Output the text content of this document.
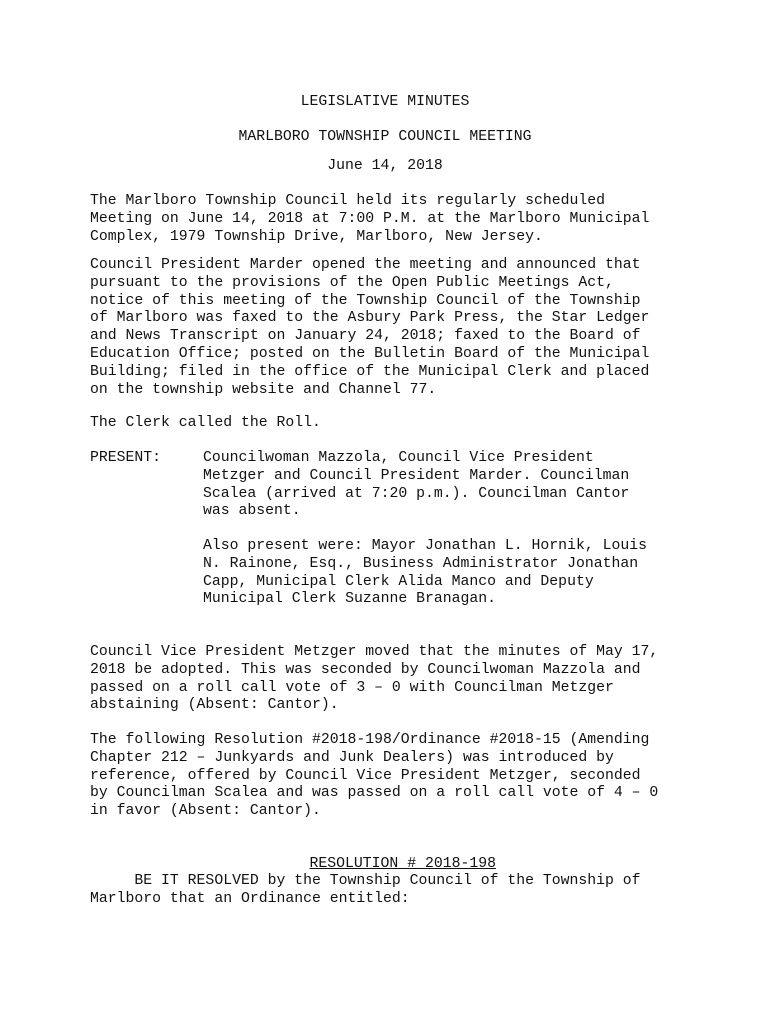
LEGISLATIVE MINUTES
MARLBORO TOWNSHIP COUNCIL MEETING
June 14, 2018
The Marlboro Township Council held its regularly scheduled
Meeting on June 14, 2018 at 7:00 P.M. at the Marlboro Municipal
Complex, 1979 Township Drive, Marlboro, New Jersey.
Council President Marder opened the meeting and announced that
pursuant to the provisions of the Open Public Meetings Act,
notice of this meeting of the Township Council of the Township
of Marlboro was faxed to the Asbury Park Press, the Star Ledger
and News Transcript on January 24, 2018; faxed to the Board of
Education Office; posted on the Bulletin Board of the Municipal
Building; filed in the office of the Municipal Clerk and placed
on the township website and Channel 77.
The Clerk called the Roll.
PRESENT:	Councilwoman Mazzola, Council Vice President
Metzger and Council President Marder. Councilman
Scalea (arrived at 7:20 p.m.). Councilman Cantor
was absent.
Also present were: Mayor Jonathan L. Hornik, Louis
N. Rainone, Esq., Business Administrator Jonathan
Capp, Municipal Clerk Alida Manco and Deputy
Municipal Clerk Suzanne Branagan.
Council Vice President Metzger moved that the minutes of May 17,
2018 be adopted. This was seconded by Councilwoman Mazzola and
passed on a roll call vote of 3 – 0 with Councilman Metzger
abstaining (Absent: Cantor).
The following Resolution #2018-198/Ordinance #2018-15 (Amending
Chapter 212 – Junkyards and Junk Dealers) was introduced by
reference, offered by Council Vice President Metzger, seconded
by Councilman Scalea and was passed on a roll call vote of 4 – 0
in favor (Absent: Cantor).

RESOLUTION # 2018-198

BE IT RESOLVED by the Township Council of the Township of
Marlboro that an Ordinance entitled:
